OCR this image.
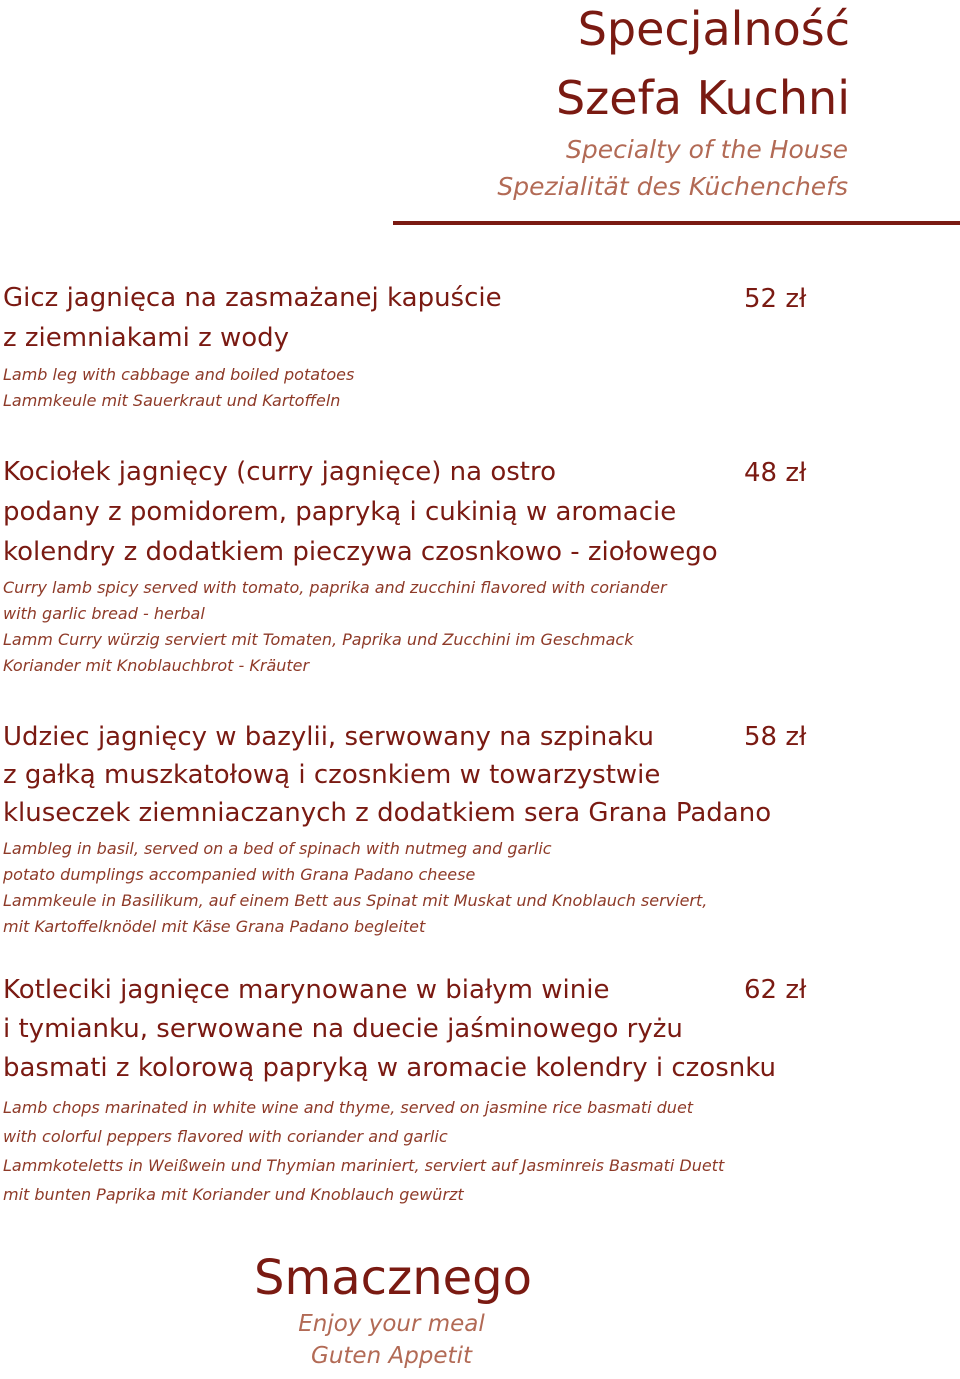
Specjalność
Szefa Kuchni
Specialty of the House
Spezialität des Küchenchefs
Gicz jagnięca na zasmażanej kapuście
z ziemniakami z wody
Lamb leg with cabbage and boiled potatoes
Lammkeule mit Sauerkraut und Kartoffeln
52 zł
Kociołek jagnięcy (curry jagnięce) na ostro
podany z pomidorem, papryką i cukinią w aromacie
kolendry z dodatkiem pieczywa czosnkowo - ziołowego
Curry lamb spicy served with tomato, paprika and zucchini flavored with coriander
with garlic bread - herbal
Lamm Curry würzig serviert mit Tomaten, Paprika und Zucchini im Geschmack
Koriander mit Knoblauchbrot - Kräuter
48 zł
Udziec jagnięcy w bazylii, serwowany na szpinaku
z gałką muszkatołową i czosnkiem w towarzystwie
kluseczek ziemniaczanych z dodatkiem sera Grana Padano
Lambleg in basil, served on a bed of spinach with nutmeg and garlic
potato dumplings accompanied with Grana Padano cheese
Lammkeule in Basilikum, auf einem Bett aus Spinat mit Muskat und Knoblauch serviert,
mit Kartoffelknödel mit Käse Grana Padano begleitet
58 zł
Kotleciki jagnięce marynowane w białym winie
i tymianku, serwowane na duecie jaśminowego ryżu
basmati z kolorową papryką w aromacie kolendry i czosnku
Lamb chops marinated in white wine and thyme, served on jasmine rice basmati duet
with colorful peppers flavored with coriander and garlic
Lammkoteletts in Weißwein und Thymian mariniert, serviert auf Jasminreis Basmati Duett
mit bunten Paprika mit Koriander und Knoblauch gewürzt
62 zł
Smacznego
Enjoy your meal
Guten Appetit
